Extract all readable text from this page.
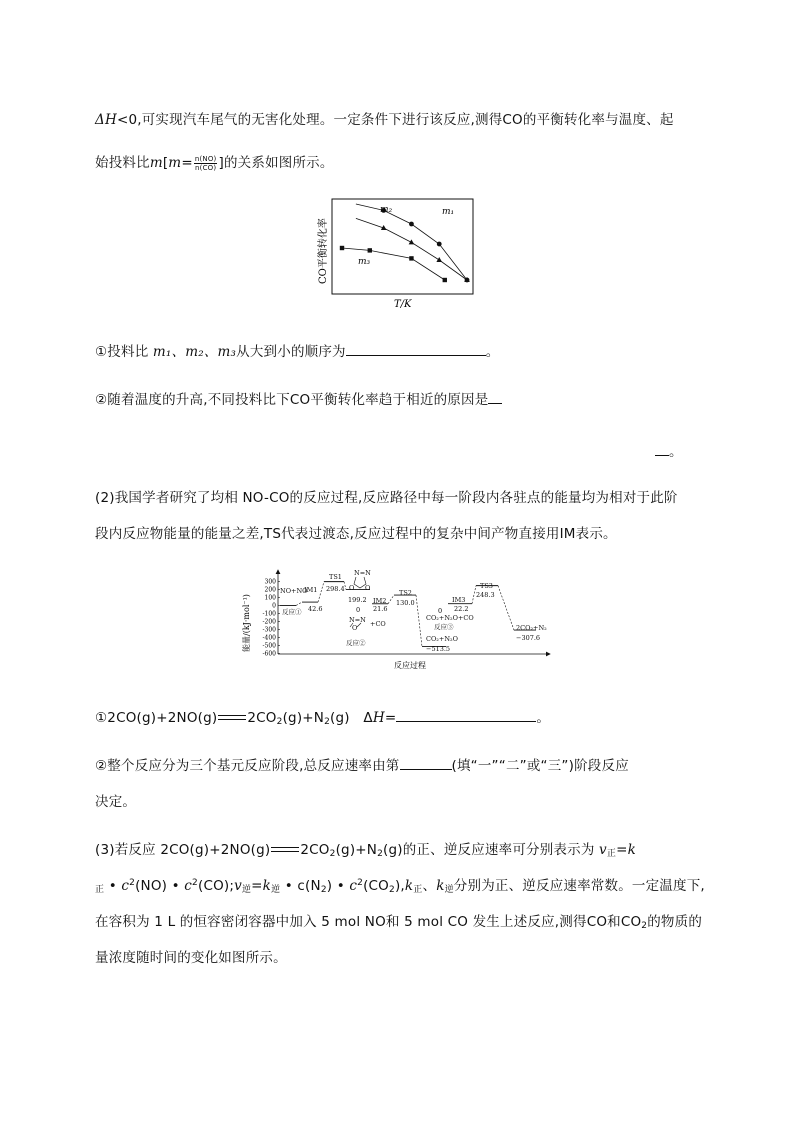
ΔH<0,可实现汽车尾气的无害化处理。一定条件下进行该反应,测得CO的平衡转化率与温度、起
始投料比$m[m= \frac{n(NO)}{n(CO)}$ ]的关系如图所示。
CO平衡转化率
T/K
m₁
m₂
m₃
①投料比 m₁、m₂、m₃从大到小的顺序为	。
②随着温度的升高,不同投料比下CO平衡转化率趋于相近的原因是
。
(2)我国学者研究了均相 NO-CO的反应过程,反应路径中每一阶段内各驻点的能量均为相对于此阶
段内反应物能量的能量之差,TS代表过渡态,反应过程中的复杂中间产物直接用IM表示。
能量/(kJ·mol⁻¹)
300
200
100
0
-100
-200
-300
-400
-500
-600
反应过程
NO+NO
反应①
IM1
42.6
TS1
298.4
N=N
O O
199.2 IM2
21.6
0
N=N +CO
O
反应②
TS2
130.0	IM3
22.2
0
CO₂+N₂O+CO
反应③
CO₂+N₂O
−513.5
TS3
248.3
2CO₂+N₂
−307.6
①2CO(g)+2NO(g) $2CO_2(g)+N_2(g)$　ΔH=	。
②整个反应分为三个基元反应阶段,总反应速率由第	(填“一”“二”或“三”)阶段反应
决定。
(3)若反应 2CO(g)+2NO(g) $2CO_2(g)+N_2(g)$的正、逆反应速率可分别表示为 $v_正=k$
$_正$ • $c^2(NO)$ • $c^2(CO);v_逆=k_逆$ • $c(N_2)$ • $c^2(CO_2),k_正$、$k_逆$分别为正、逆反应速率常数。一定温度下,
在容积为 1 L 的恒容密闭容器中加入 5 mol NO和 5 mol CO 发生上述反应,测得CO和$CO_2$的物质的
量浓度随时间的变化如图所示。
